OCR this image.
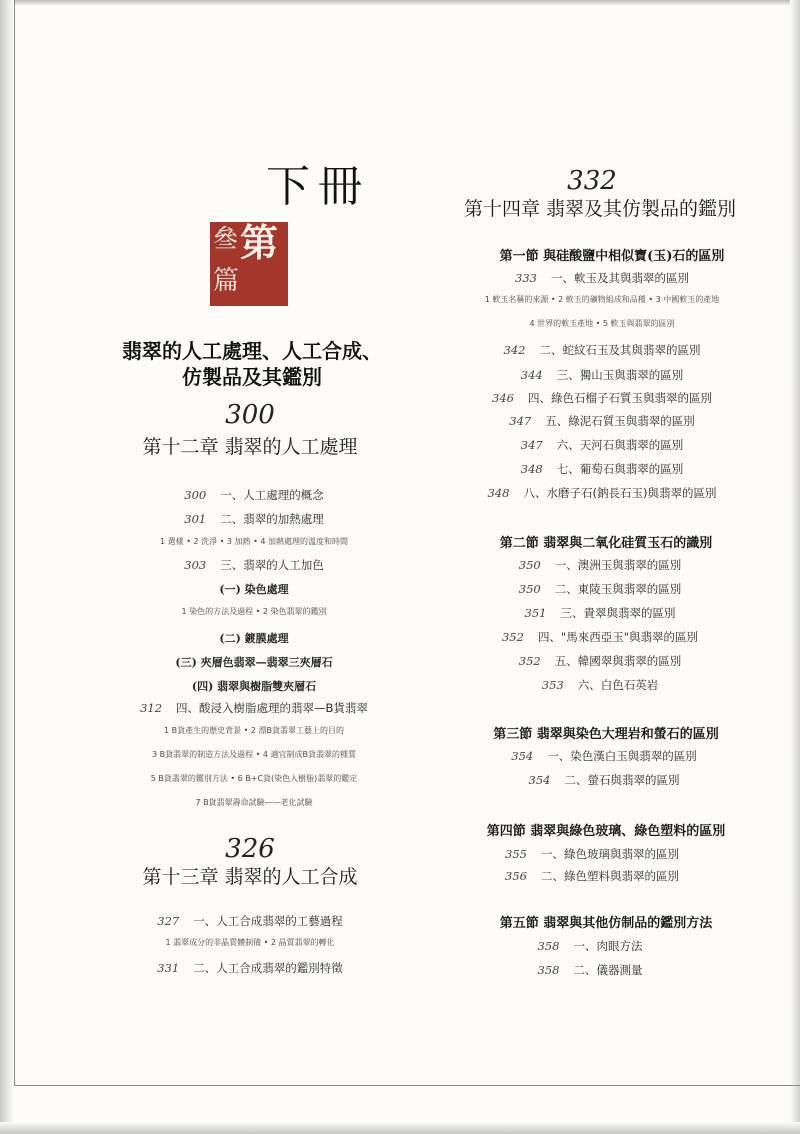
下冊
第
叄
篇
翡翠的人工處理、人工合成、
仿製品及其鑑別
300
第十二章 翡翠的人工處理
300 一、人工處理的概念
301 二、翡翠的加熱處理
1 選樣 • 2 洗淨 • 3 加熱 • 4 加熱處理的溫度和時間
303 三、翡翠的人工加色
(一) 染色處理
1 染色的方法及過程 • 2 染色翡翠的鑑別
(二) 鍍膜處理
(三) 夾層色翡翠—翡翠三夾層石
(四) 翡翠與樹脂雙夾層石
312 四、酸浸入樹脂處理的翡翠—B貨翡翠
1 B貨產生的歷史背景 • 2 漂B貨翡翠工藝上的目的
3 B貨翡翠的制造方法及過程 • 4 適宜制成B貨翡翠的種質
5 B貨翡翠的鑑別方法 • 6 B+C貨(染色入樹脂)翡翠的鑑定
7 B貨翡翠壽命試驗——老化試驗
326
第十三章 翡翠的人工合成
327 一、人工合成翡翠的工藝過程
1 翡翠成分的非晶質體制備 • 2 晶質翡翠的轉化
331 二、人工合成翡翠的鑑別特徵
332
第十四章 翡翠及其仿製品的鑑別
第一節 與硅酸鹽中相似寶(玉)石的區別
333 一、軟玉及其與翡翠的區別
1 軟玉名稱的來源 • 2 軟玉的礦物組成和品種 • 3 中國軟玉的產地
4 世界的軟玉產地 • 5 軟玉與翡翠的區別
342 二、蛇紋石玉及其與翡翠的區別
344 三、獨山玉與翡翠的區別
346 四、綠色石榴子石質玉與翡翠的區別
347 五、綠泥石質玉與翡翠的區別
347 六、天河石與翡翠的區別
348 七、葡萄石與翡翠的區別
348 八、水磨子石(鈉長石玉)與翡翠的區別
第二節 翡翠與二氧化硅質玉石的識別
350 一、澳洲玉與翡翠的區別
350 二、東陵玉與翡翠的區別
351 三、貴翠與翡翠的區別
352 四、"馬來西亞玉"與翡翠的區別
352 五、韓國翠與翡翠的區別
353 六、白色石英岩
第三節 翡翠與染色大理岩和螢石的區別
354 一、染色漢白玉與翡翠的區別
354 二、螢石與翡翠的區別
第四節 翡翠與綠色玻璃、綠色塑料的區別
355 一、綠色玻璃與翡翠的區別
356 二、綠色塑料與翡翠的區別
第五節 翡翠與其他仿制品的鑑別方法
358 一、肉眼方法
358 二、儀器測量
